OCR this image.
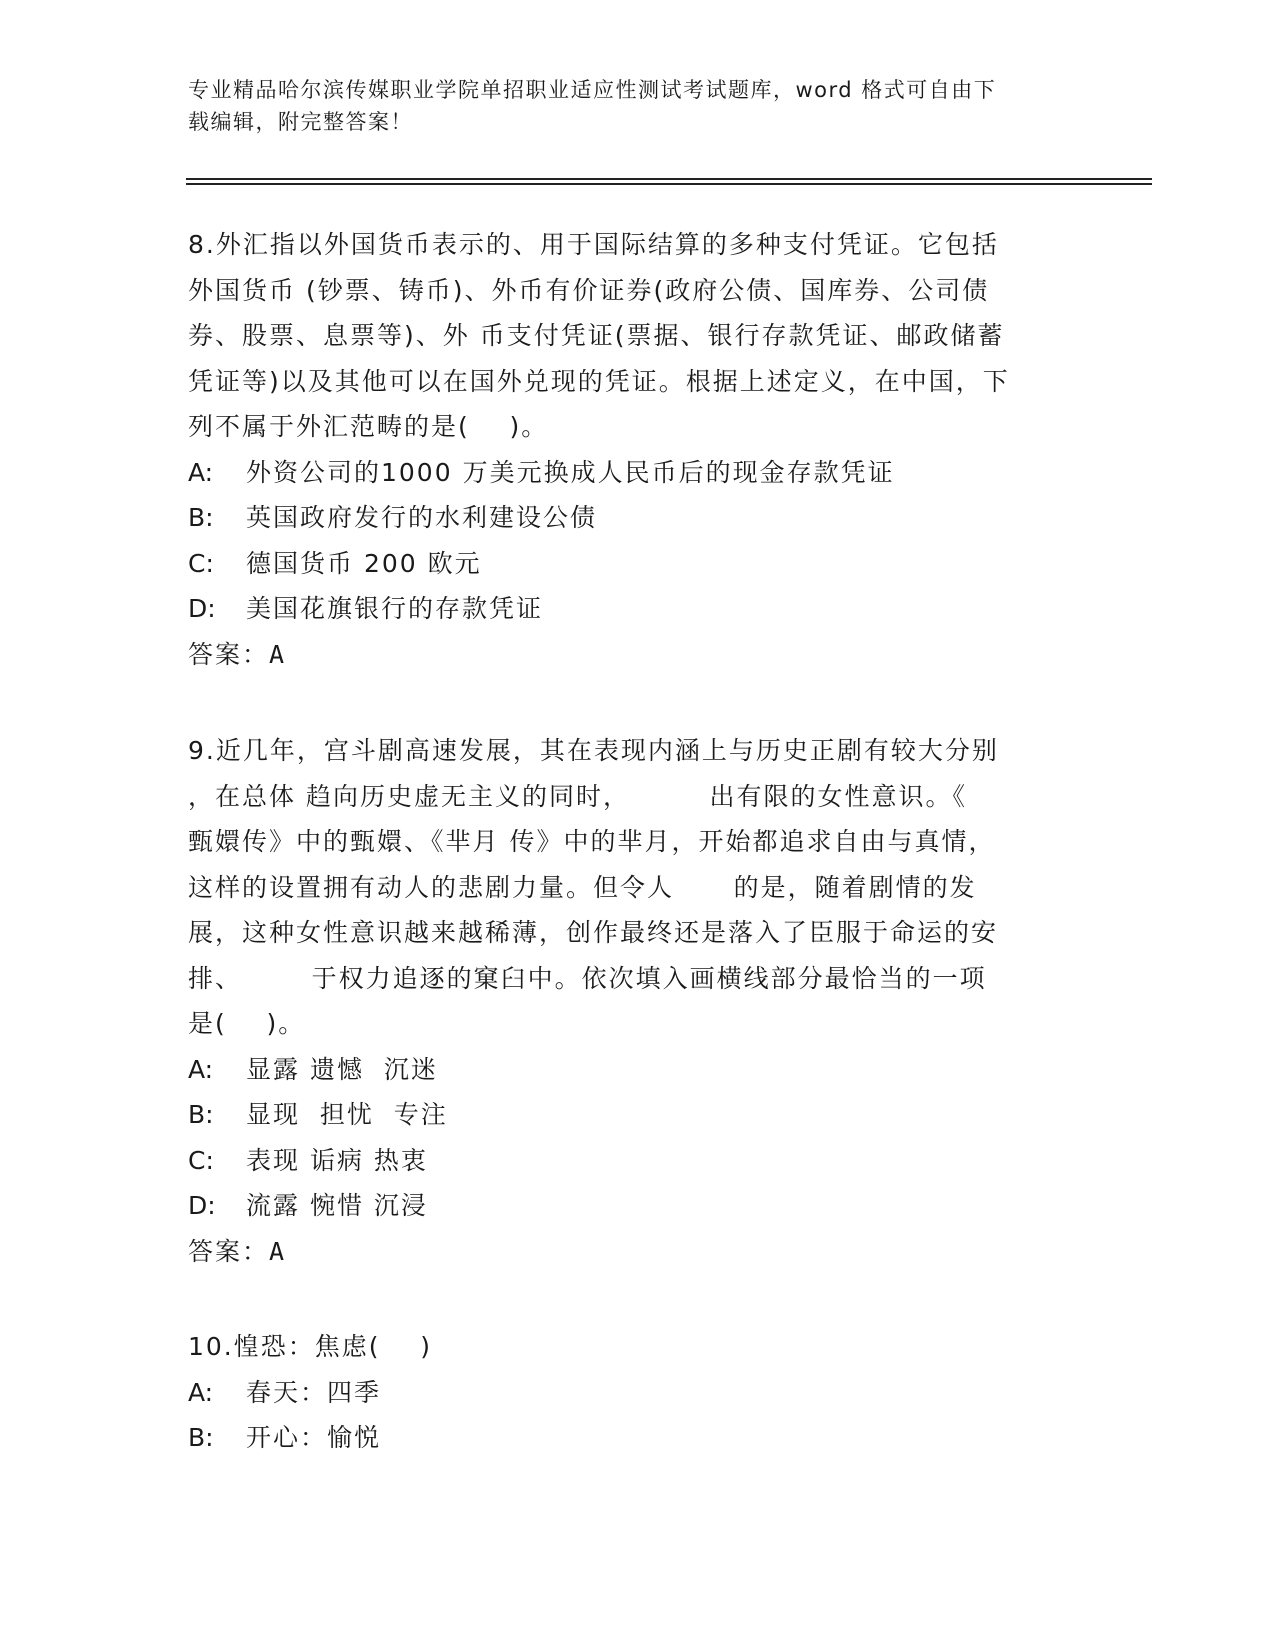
专业精品哈尔滨传媒职业学院单招职业适应性测试考试题库，word 格式可自由下
载编辑，附完整答案！
8.外汇指以外国货币表示的、用于国际结算的多种支付凭证。它包括
外国货币 (钞票、铸币)、外币有价证券(政府公债、国库券、公司债
券、股票、息票等)、外 币支付凭证(票据、银行存款凭证、邮政储蓄
凭证等)以及其他可以在国外兑现的凭证。根据上述定义，在中国，下
列不属于外汇范畴的是(    )。
A: 外资公司的1000 万美元换成人民币后的现金存款凭证
B: 英国政府发行的水利建设公债
C: 德国货币 200 欧元
D: 美国花旗银行的存款凭证
答案：A
9.近几年，宫斗剧高速发展，其在表现内涵上与历史正剧有较大分别
，在总体 趋向历史虚无主义的同时，        出有限的女性意识。《
甄嬛传》中的甄嬛、《芈月 传》中的芈月，开始都追求自由与真情，
这样的设置拥有动人的悲剧力量。但令人      的是，随着剧情的发
展，这种女性意识越来越稀薄，创作最终还是落入了臣服于命运的安
排、       于权力追逐的窠臼中。依次填入画横线部分最恰当的一项
是(    )。
A: 显露 遗憾  沉迷
B: 显现  担忧  专注
C: 表现 诟病 热衷
D: 流露 惋惜 沉浸
答案：A
10.惶恐：焦虑(    )
A: 春天：四季
B: 开心：愉悦
